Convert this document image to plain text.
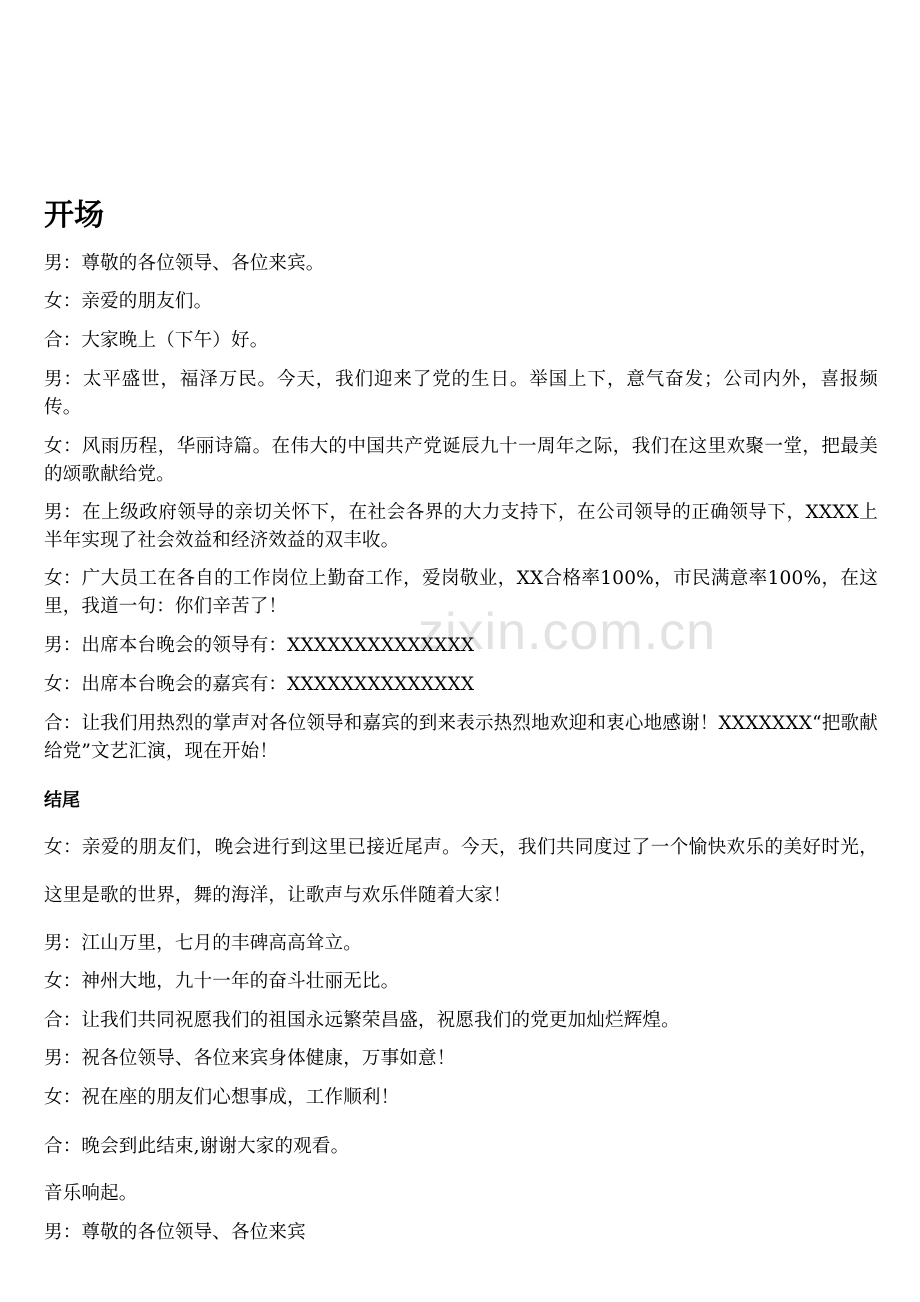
zixin.com.cn
开场

男：尊敬的各位领导、各位来宾。

女：亲爱的朋友们。

合：大家晚上（下午）好。

男：太平盛世，福泽万民。今天，我们迎来了党的生日。举国上下，意气奋发；公司内外，喜报频传。

女：风雨历程，华丽诗篇。在伟大的中国共产党诞辰九十一周年之际，我们在这里欢聚一堂，把最美的颂歌献给党。

男：在上级政府领导的亲切关怀下，在社会各界的大力支持下，在公司领导的正确领导下，XXXX上半年实现了社会效益和经济效益的双丰收。

女：广大员工在各自的工作岗位上勤奋工作，爱岗敬业，XX合格率100%，市民满意率100%，在这里，我道一句：你们辛苦了！

男：出席本台晚会的领导有：XXXXXXXXXXXXXX

女：出席本台晚会的嘉宾有：XXXXXXXXXXXXXX

合：让我们用热烈的掌声对各位领导和嘉宾的到来表示热烈地欢迎和衷心地感谢！XXXXXXX“把歌献给党”文艺汇演，现在开始！

结尾

女：亲爱的朋友们，晚会进行到这里已接近尾声。今天，我们共同度过了一个愉快欢乐的美好时光，这里是歌的世界，舞的海洋，让歌声与欢乐伴随着大家！

男：江山万里，七月的丰碑高高耸立。

女：神州大地，九十一年的奋斗壮丽无比。

合：让我们共同祝愿我们的祖国永远繁荣昌盛，祝愿我们的党更加灿烂辉煌。

男：祝各位领导、各位来宾身体健康，万事如意！

女：祝在座的朋友们心想事成，工作顺利！

合：晚会到此结束,谢谢大家的观看。

音乐响起。

男：尊敬的各位领导、各位来宾
